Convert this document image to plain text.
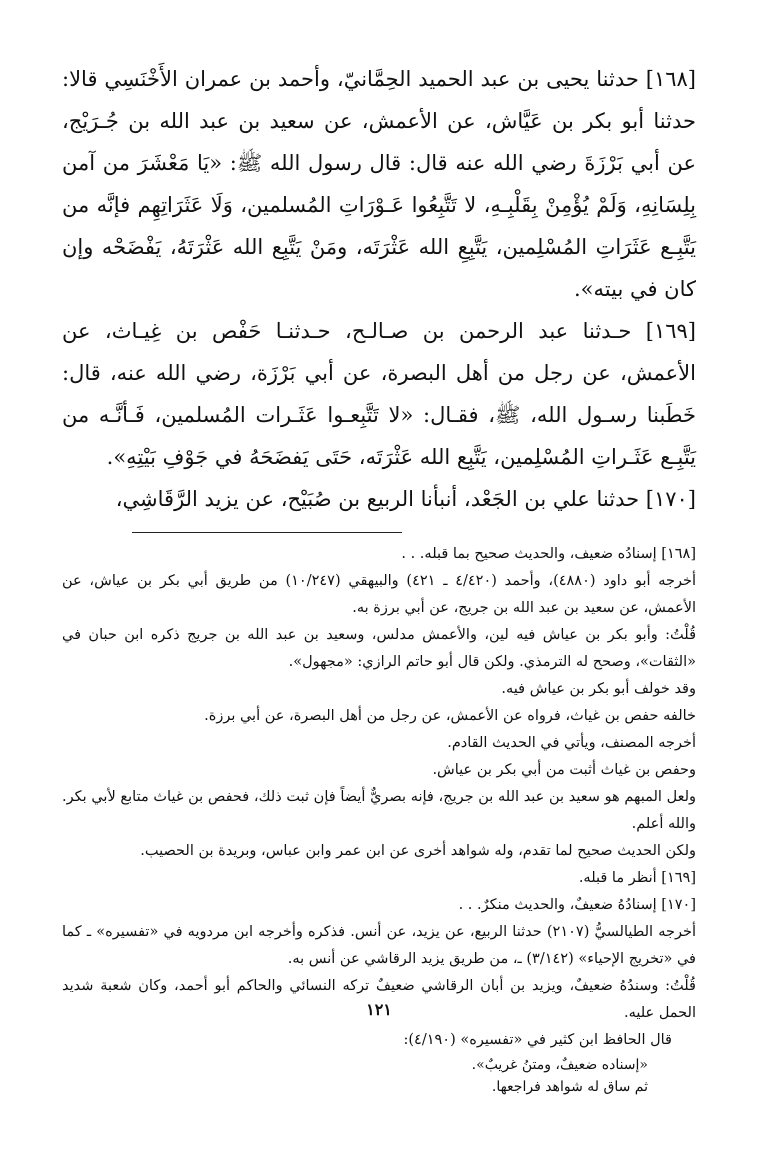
[١٦٨] حدثنا يحيى بن عبد الحميد الحِمَّانيّ، وأحمد بن عمران الأَخْنَسِي قالا: حدثنا أبو بكر بن عَيَّاش، عن الأعمش، عن سعيد بن عبد الله بن جُـرَيْج، عن أبي بَرْزَةَ رضي الله عنه قال: قال رسول الله ﷺ: «يَا مَعْشَرَ من آمن بِلِسَانِهِ، وَلَمْ يُؤْمِنْ بِقَلْبِـهِ، لا تَتَّبِعُوا عَـوْرَاتِ المُسلمين، وَلَا عَثَرَاتِهِم فإنَّه من يَتَّبِـع عَثَرَاتِ المُسْلِمين، يَتَّبِعِ الله عَثْرَتَه، ومَنْ يَتَّبِع الله عَثْرَتَهُ، يَفْضَحْه وإن كان في بيته».

[١٦٩] حـدثنا عبد الرحمن بن صـالـح، حـدثنـا حَفْص بن غِيـاث، عن الأعمش، عن رجل من أهل البصرة، عن أبي بَرْزَة، رضي الله عنه، قال: خَطَبنا رسـول الله، ﷺ، فقـال: «لا تَتَّبِعـوا عَثَـرات المُسلمين، فَـأنَّـه من يَتَّبِـع عَثَـراتِ المُسْلِمين، يَتَّبِع الله عَثْرَتَه، حَتَى يَفضَحَهُ في جَوْفِ بَيْتِهِ».

[١٧٠] حدثنا علي بن الجَعْد، أنبأنا الربيع بن صُبَيْح، عن يزيد الرَّقَاشِي،

[١٦٨] إسنادُه ضعيف، والحديث صحيح بما قبله. . .

أخرجه أبو داود (٤٨٨٠)، وأحمد (٤/٤٢٠ ـ ٤٢١) والبيهقي (١٠/٢٤٧) من طريق أبي بكر بن عياش، عن الأعمش، عن سعيد بن عبد الله بن جريج، عن أبي برزة به.

قُلْتُ: وأبو بكر بن عياش فيه لين، والأعمش مدلس، وسعيد بن عبد الله بن جريج ذكره ابن حبان في «الثقات»، وصحح له الترمذي. ولكن قال أبو حاتم الرازي: «مجهول».

وقد خولف أبو بكر بن عياش فيه.

خالفه حفص بن غياث، فرواه عن الأعمش، عن رجل من أهل البصرة، عن أبي برزة.

أخرجه المصنف، ويأتي في الحديث القادم.

وحفص بن غياث أثبت من أبي بكر بن عياش.

ولعل المبهم هو سعيد بن عبد الله بن جريج، فإنه بصريٌّ أيضاً فإن ثبت ذلك، فحفص بن غياث متابع لأبي بكر. والله أعلم.

ولكن الحديث صحيح لما تقدم، وله شواهد أخرى عن ابن عمر وابن عباس، وبريدة بن الحصيب.

[١٦٩] أنظر ما قبله.

[١٧٠] إسنادُهُ ضعيفٌ، والحديث منكرٌ. . .

أخرجه الطيالسيُّ (٢١٠٧) حدثنا الربيع، عن يزيد، عن أنس. فذكره وأخرجه ابن مردويه في «تفسيره» ـ كما في «تخريج الإحياء» (٣/١٤٢) ـ، من طريق يزيد الرقاشي عن أنس به.

قُلْتُ: وسندُهُ ضعيفٌ، ويزيد بن أبان الرقاشي ضعيفٌ تركه النسائي والحاكم أبو أحمد، وكان شعبة شديد الحمل عليه.

قال الحافظ ابن كثير في «تفسيره» (٤/١٩٠):

«إسناده ضعيفٌ، ومتنُ غريبٌ».

ثم ساق له شواهد فراجعها.

١٢١
